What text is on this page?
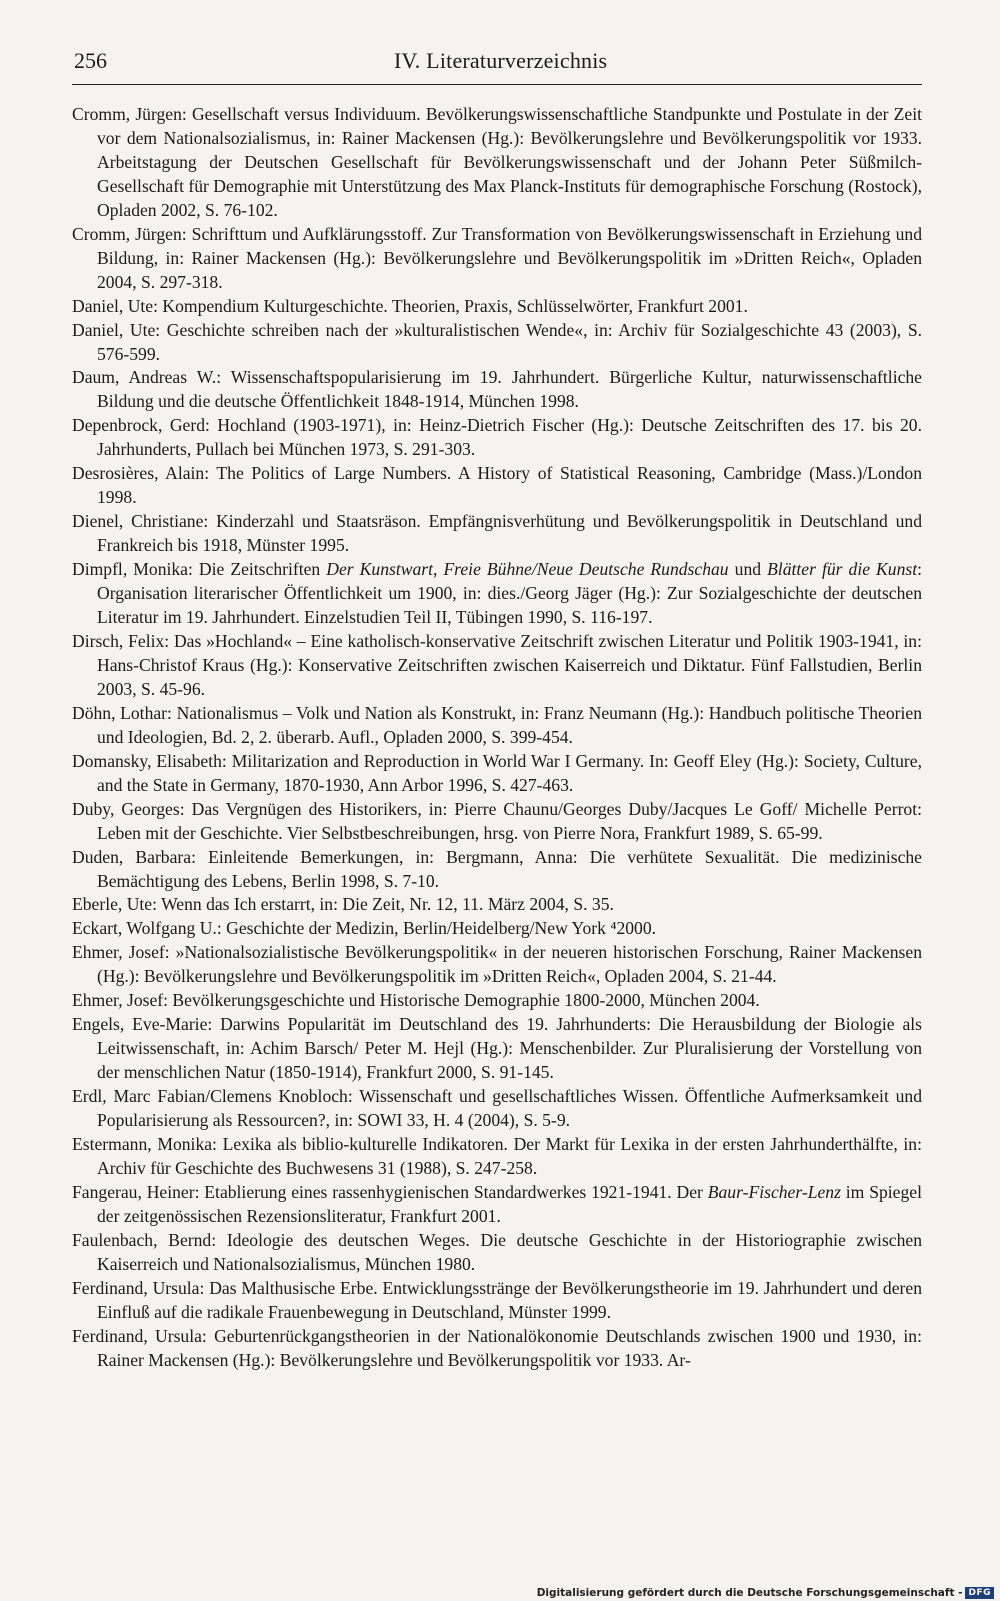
256	IV. Literaturverzeichnis

Cromm, Jürgen: Gesellschaft versus Individuum. Bevölkerungswissenschaftliche Standpunkte und Postulate in der Zeit vor dem Nationalsozialismus, in: Rainer Mackensen (Hg.): Bevölkerungslehre und Bevölkerungspolitik vor 1933. Arbeitstagung der Deutschen Gesellschaft für Bevölkerungswissenschaft und der Johann Peter Süßmilch-Gesellschaft für Demographie mit Unterstützung des Max Planck-Instituts für demographische Forschung (Rostock), Opladen 2002, S. 76-102.

Cromm, Jürgen: Schrifttum und Aufklärungsstoff. Zur Transformation von Bevölkerungswissenschaft in Erziehung und Bildung, in: Rainer Mackensen (Hg.): Bevölkerungslehre und Bevölkerungspolitik im »Dritten Reich«, Opladen 2004, S. 297-318.

Daniel, Ute: Kompendium Kulturgeschichte. Theorien, Praxis, Schlüsselwörter, Frankfurt 2001.

Daniel, Ute: Geschichte schreiben nach der »kulturalistischen Wende«, in: Archiv für Sozialgeschichte 43 (2003), S. 576-599.

Daum, Andreas W.: Wissenschaftspopularisierung im 19. Jahrhundert. Bürgerliche Kultur, naturwissenschaftliche Bildung und die deutsche Öffentlichkeit 1848-1914, München 1998.

Depenbrock, Gerd: Hochland (1903-1971), in: Heinz-Dietrich Fischer (Hg.): Deutsche Zeitschriften des 17. bis 20. Jahrhunderts, Pullach bei München 1973, S. 291-303.

Desrosières, Alain: The Politics of Large Numbers. A History of Statistical Reasoning, Cambridge (Mass.)/London 1998.

Dienel, Christiane: Kinderzahl und Staatsräson. Empfängnisverhütung und Bevölkerungspolitik in Deutschland und Frankreich bis 1918, Münster 1995.

Dimpfl, Monika: Die Zeitschriften Der Kunstwart, Freie Bühne/Neue Deutsche Rundschau und Blätter für die Kunst: Organisation literarischer Öffentlichkeit um 1900, in: dies./Georg Jäger (Hg.): Zur Sozialgeschichte der deutschen Literatur im 19. Jahrhundert. Einzelstudien Teil II, Tübingen 1990, S. 116-197.

Dirsch, Felix: Das »Hochland« – Eine katholisch-konservative Zeitschrift zwischen Literatur und Politik 1903-1941, in: Hans-Christof Kraus (Hg.): Konservative Zeitschriften zwischen Kaiserreich und Diktatur. Fünf Fallstudien, Berlin 2003, S. 45-96.

Döhn, Lothar: Nationalismus – Volk und Nation als Konstrukt, in: Franz Neumann (Hg.): Handbuch politische Theorien und Ideologien, Bd. 2, 2. überarb. Aufl., Opladen 2000, S. 399-454.

Domansky, Elisabeth: Militarization and Reproduction in World War I Germany. In: Geoff Eley (Hg.): Society, Culture, and the State in Germany, 1870-1930, Ann Arbor 1996, S. 427-463.

Duby, Georges: Das Vergnügen des Historikers, in: Pierre Chaunu/Georges Duby/Jacques Le Goff/ Michelle Perrot: Leben mit der Geschichte. Vier Selbstbeschreibungen, hrsg. von Pierre Nora, Frankfurt 1989, S. 65-99.

Duden, Barbara: Einleitende Bemerkungen, in: Bergmann, Anna: Die verhütete Sexualität. Die medizinische Bemächtigung des Lebens, Berlin 1998, S. 7-10.

Eberle, Ute: Wenn das Ich erstarrt, in: Die Zeit, Nr. 12, 11. März 2004, S. 35.

Eckart, Wolfgang U.: Geschichte der Medizin, Berlin/Heidelberg/New York ⁴2000.

Ehmer, Josef: »Nationalsozialistische Bevölkerungspolitik« in der neueren historischen Forschung, Rainer Mackensen (Hg.): Bevölkerungslehre und Bevölkerungspolitik im »Dritten Reich«, Opladen 2004, S. 21-44.

Ehmer, Josef: Bevölkerungsgeschichte und Historische Demographie 1800-2000, München 2004.

Engels, Eve-Marie: Darwins Popularität im Deutschland des 19. Jahrhunderts: Die Herausbildung der Biologie als Leitwissenschaft, in: Achim Barsch/ Peter M. Hejl (Hg.): Menschenbilder. Zur Pluralisierung der Vorstellung von der menschlichen Natur (1850-1914), Frankfurt 2000, S. 91-145.

Erdl, Marc Fabian/Clemens Knobloch: Wissenschaft und gesellschaftliches Wissen. Öffentliche Aufmerksamkeit und Popularisierung als Ressourcen?, in: SOWI 33, H. 4 (2004), S. 5-9.

Estermann, Monika: Lexika als biblio-kulturelle Indikatoren. Der Markt für Lexika in der ersten Jahrhunderthälfte, in: Archiv für Geschichte des Buchwesens 31 (1988), S. 247-258.

Fangerau, Heiner: Etablierung eines rassenhygienischen Standardwerkes 1921-1941. Der Baur-Fischer-Lenz im Spiegel der zeitgenössischen Rezensionsliteratur, Frankfurt 2001.

Faulenbach, Bernd: Ideologie des deutschen Weges. Die deutsche Geschichte in der Historiographie zwischen Kaiserreich und Nationalsozialismus, München 1980.

Ferdinand, Ursula: Das Malthusische Erbe. Entwicklungsstränge der Bevölkerungstheorie im 19. Jahrhundert und deren Einfluß auf die radikale Frauenbewegung in Deutschland, Münster 1999.

Ferdinand, Ursula: Geburtenrückgangstheorien in der Nationalökonomie Deutschlands zwischen 1900 und 1930, in: Rainer Mackensen (Hg.): Bevölkerungslehre und Bevölkerungspolitik vor 1933. Ar-

Digitalisierung gefördert durch die Deutsche Forschungsgemeinschaft - DFG
